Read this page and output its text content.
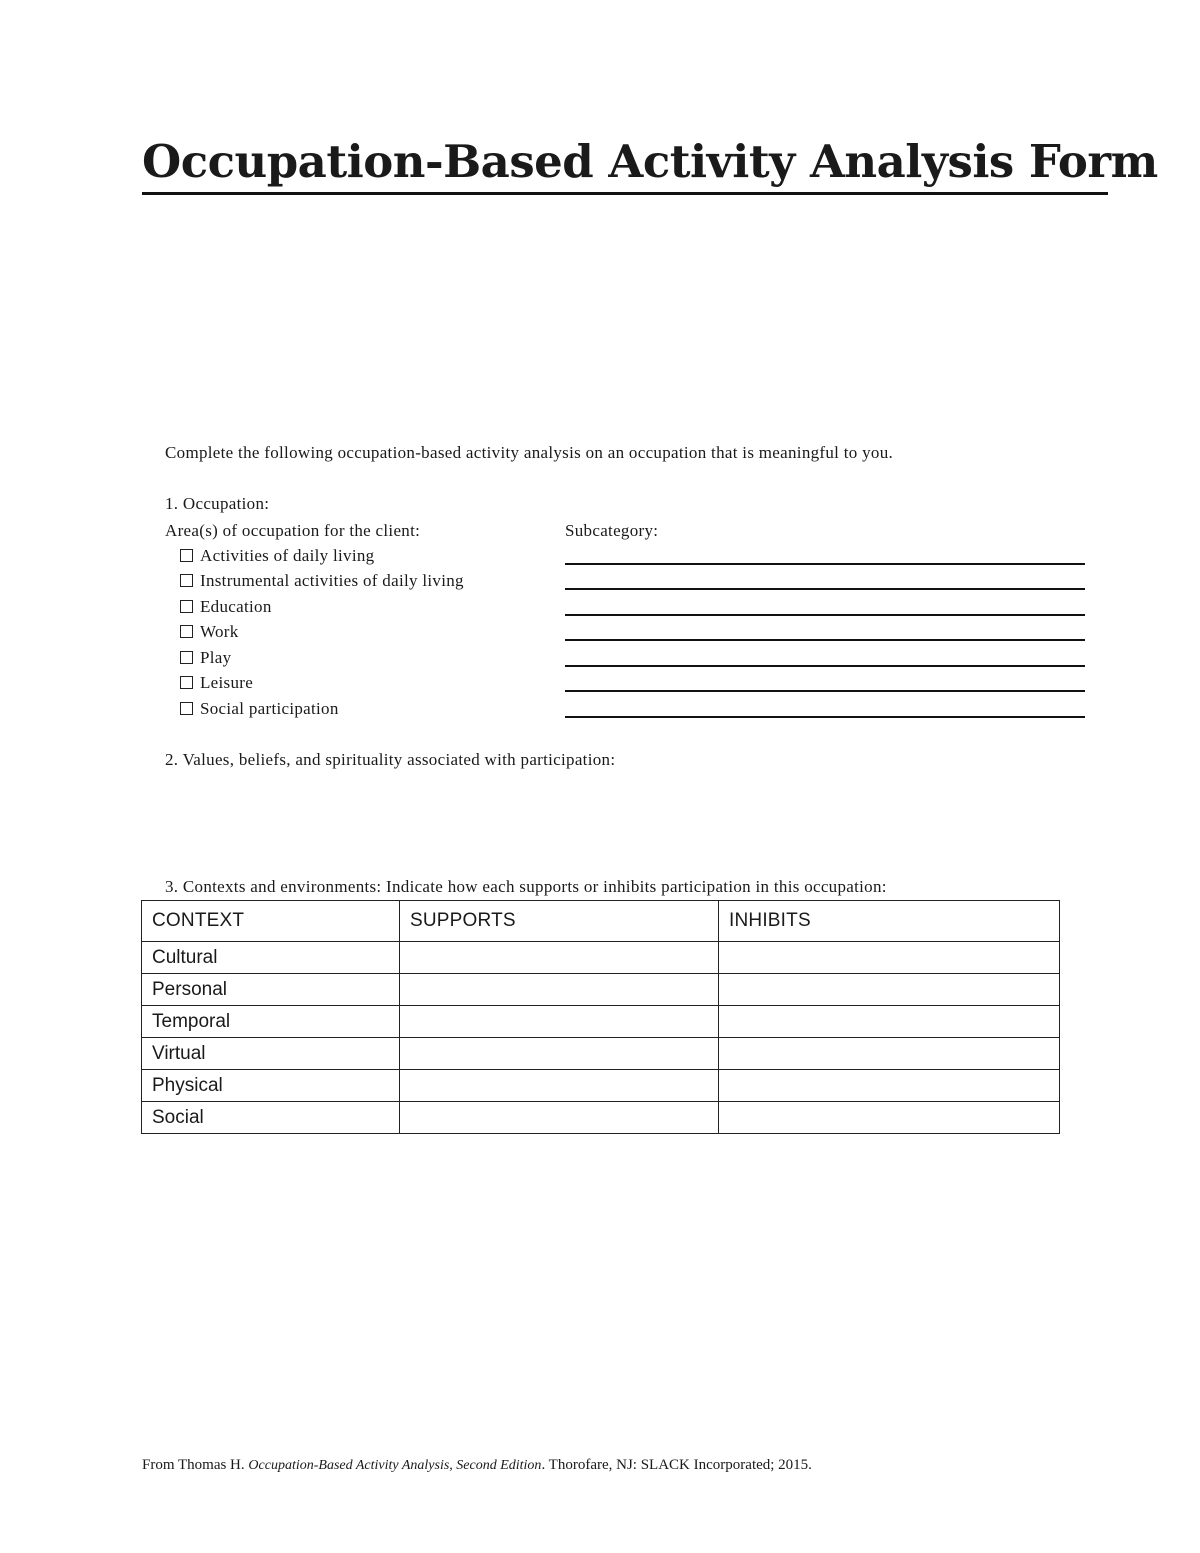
Occupation-Based Activity Analysis Form
Complete the following occupation-based activity analysis on an occupation that is meaningful to you.
1. Occupation:
Area(s) of occupation for the client:	Subcategory:
Activities of daily living
Instrumental activities of daily living
Education
Work
Play
Leisure
Social participation
2. Values, beliefs, and spirituality associated with participation:
3. Contexts and environments: Indicate how each supports or inhibits participation in this occupation:
CONTEXT	SUPPORTS	INHIBITS
Cultural		
Personal		
Temporal		
Virtual		
Physical		
Social		
From Thomas H. Occupation-Based Activity Analysis, Second Edition. Thorofare, NJ: SLACK Incorporated; 2015.
